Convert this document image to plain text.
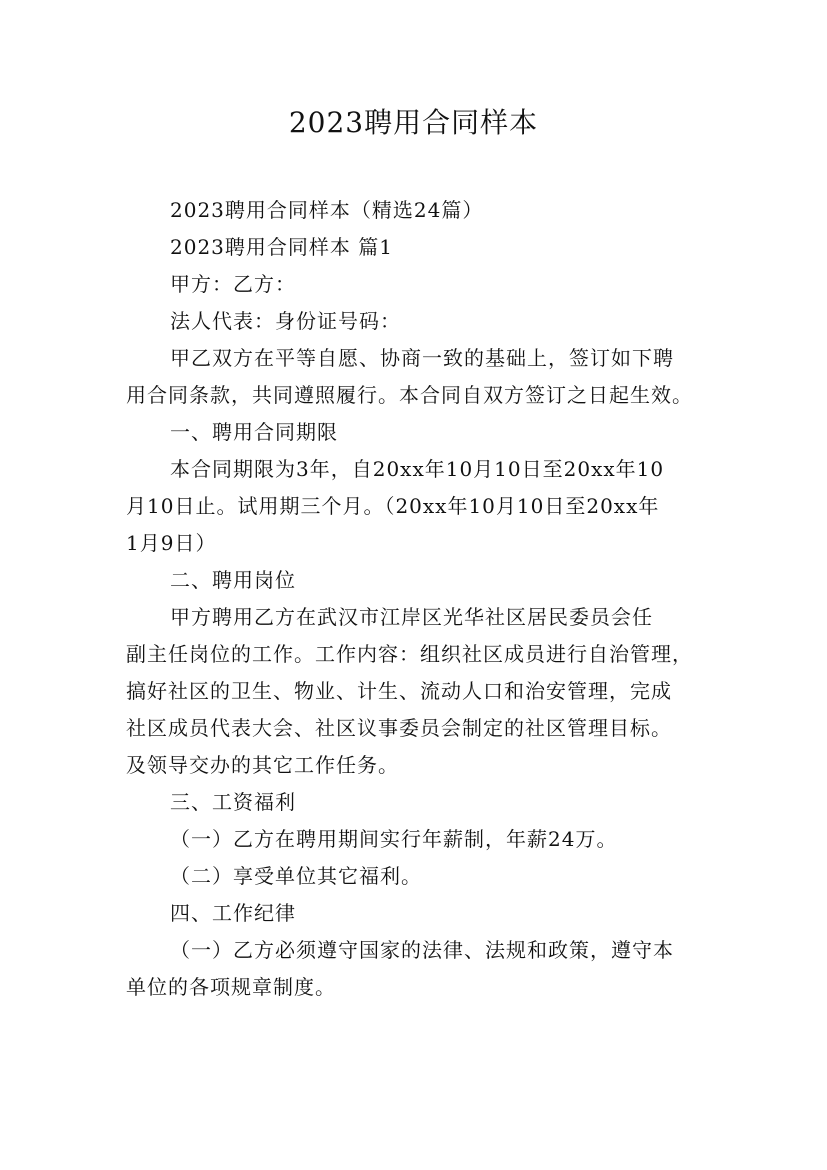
2023聘用合同样本
2023聘用合同样本（精选24篇）
2023聘用合同样本 篇1
甲方：乙方：
法人代表：身份证号码：
甲乙双方在平等自愿、协商一致的基础上，签订如下聘
用合同条款，共同遵照履行。本合同自双方签订之日起生效。
一、聘用合同期限
本合同期限为3年，自20xx年10月10日至20xx年10
月10日止。试用期三个月。（20xx年10月10日至20xx年
1月9日）
二、聘用岗位
甲方聘用乙方在武汉市江岸区光华社区居民委员会任
副主任岗位的工作。工作内容：组织社区成员进行自治管理，
搞好社区的卫生、物业、计生、流动人口和治安管理，完成
社区成员代表大会、社区议事委员会制定的社区管理目标。
及领导交办的其它工作任务。
三、工资福利
（一）乙方在聘用期间实行年薪制，年薪24万。
（二）享受单位其它福利。
四、工作纪律
（一）乙方必须遵守国家的法律、法规和政策，遵守本
单位的各项规章制度。
